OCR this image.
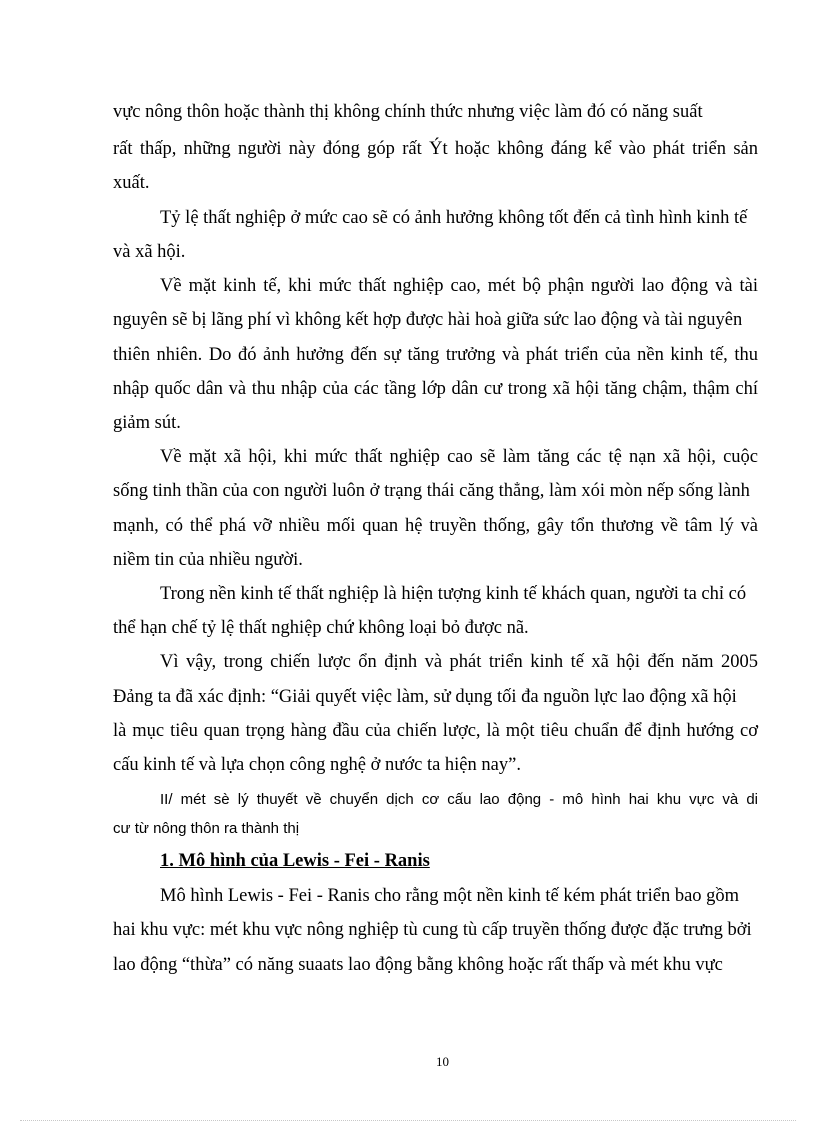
vực nông thôn hoặc thành thị không chính thức nhưng việc làm đó có năng suất
rất thấp, những người này đóng góp rất Ýt hoặc không đáng kể vào phát triển sản
xuất.
Tỷ lệ thất nghiệp ở mức cao sẽ có ảnh hưởng không tốt đến cả tình hình kinh tế
và xã hội.
Về mặt kinh tế, khi mức thất nghiệp cao, mét bộ phận người lao động và tài
nguyên sẽ bị lãng phí vì không kết hợp được hài hoà giữa sức lao động và tài nguyên
thiên nhiên. Do đó ảnh hưởng đến sự tăng trưởng và phát triển của nền kinh tế, thu
nhập quốc dân và thu nhập của các tầng lớp dân cư trong xã hội tăng chậm, thậm chí
giảm sút.
Về mặt xã hội, khi mức thất nghiệp cao sẽ làm tăng các tệ nạn xã hội, cuộc
sống tinh thần của con người luôn ở trạng thái căng thẳng, làm xói mòn nếp sống lành
mạnh, có thể phá vỡ nhiều mối quan hệ truyền thống, gây tổn thương về tâm lý và
niềm tin của nhiều người.
Trong nền kinh tế thất nghiệp là hiện tượng kinh tế khách quan, người ta chỉ có
thể hạn chế tỷ lệ thất nghiệp chứ không loại bỏ được nã.
Vì vậy, trong chiến lược ổn định và phát triển kinh tế xã hội đến năm 2005
Đảng ta đã xác định: “Giải quyết việc làm, sử dụng tối đa nguồn lực lao động xã hội
là mục tiêu quan trọng hàng đầu của chiến lược, là một tiêu chuẩn để định hướng cơ
cấu kinh tế và lựa chọn công nghệ ở nước ta hiện nay”.
II/ mét sè lý thuyết về chuyển dịch cơ cấu lao động - mô hình hai khu vực và di
cư từ nông thôn ra thành thị
1. Mô hình của Lewis - Fei - Ranis
Mô hình Lewis - Fei - Ranis cho rằng một nền kinh tế kém phát triển bao gồm
hai khu vực: mét khu vực nông nghiệp tù cung tù cấp truyền thống được đặc trưng bởi
lao động “thừa” có năng suaats lao động bằng không hoặc rất thấp và mét khu vực
10
